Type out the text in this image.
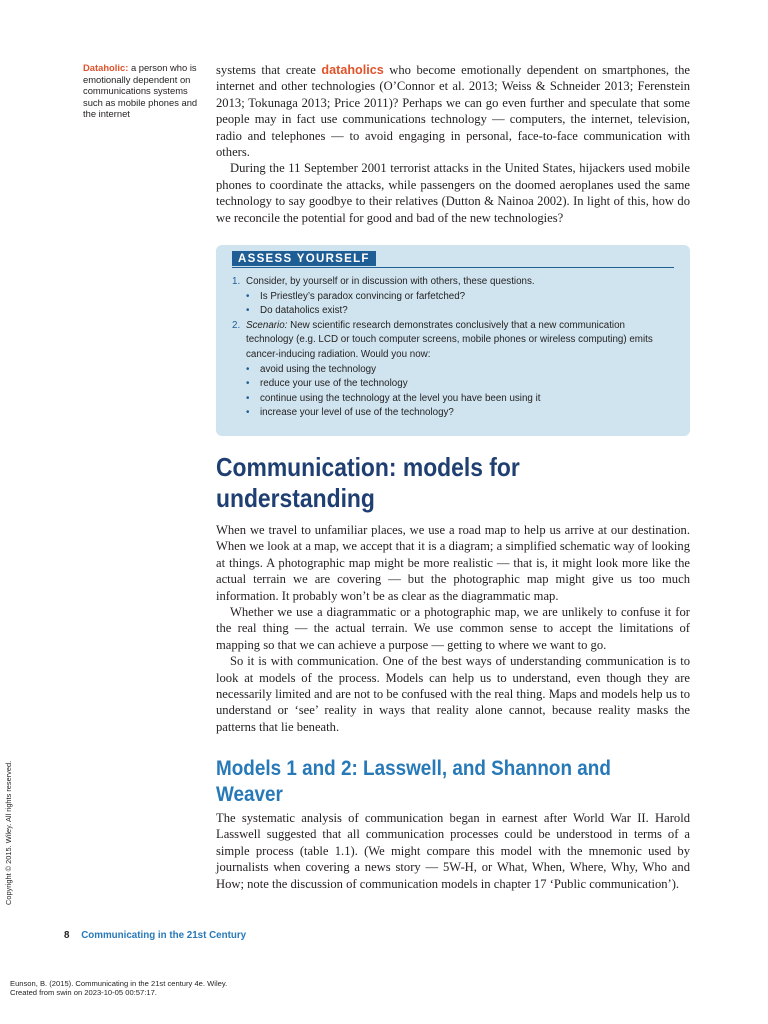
Dataholic: a person who is emotionally dependent on communications systems such as mobile phones and the internet

systems that create dataholics who become emotionally dependent on smartphones, the internet and other technologies (O’Connor et al. 2013; Weiss & Schneider 2013; Ferenstein 2013; Tokunaga 2013; Price 2011)? Perhaps we can go even further and speculate that some people may in fact use communications technology — computers, the internet, television, radio and telephones — to avoid engaging in personal, face-to-face communication with others.

During the 11 September 2001 terrorist attacks in the United States, hijackers used mobile phones to coordinate the attacks, while passengers on the doomed aeroplanes used the same technology to say goodbye to their relatives (Dutton & Nainoa 2002). In light of this, how do we reconcile the potential for good and bad of the new technologies?

ASSESS YOURSELF
1. Consider, by yourself or in discussion with others, these questions.
• Is Priestley’s paradox convincing or farfetched?
• Do dataholics exist?
2. Scenario: New scientific research demonstrates conclusively that a new communication technology (e.g. LCD or touch computer screens, mobile phones or wireless computing) emits cancer-inducing radiation. Would you now:
• avoid using the technology
• reduce your use of the technology
• continue using the technology at the level you have been using it
• increase your level of use of the technology?
Communication: models for understanding

When we travel to unfamiliar places, we use a road map to help us arrive at our destination. When we look at a map, we accept that it is a diagram; a simplified schematic way of looking at things. A photographic map might be more realistic — that is, it might look more like the actual terrain we are covering — but the photographic map might give us too much information. It probably won’t be as clear as the diagrammatic map.

Whether we use a diagrammatic or a photographic map, we are unlikely to confuse it for the real thing — the actual terrain. We use common sense to accept the limitations of mapping so that we can achieve a purpose — getting to where we want to go.

So it is with communication. One of the best ways of understanding communication is to look at models of the process. Models can help us to understand, even though they are necessarily limited and are not to be confused with the real thing. Maps and models help us to understand or ‘see’ reality in ways that reality alone cannot, because reality masks the patterns that lie beneath.

Models 1 and 2: Lasswell, and Shannon and Weaver

The systematic analysis of communication began in earnest after World War II. Harold Lasswell suggested that all communication processes could be understood in terms of a simple process (table 1.1). (We might compare this model with the mnemonic used by journalists when covering a news story — 5W-H, or What, When, Where, Why, Who and How; note the discussion of communication models in chapter 17 ‘Public communication’).

Copyright © 2015. Wiley. All rights reserved.
8 Communicating in the 21st Century
Eunson, B. (2015). Communicating in the 21st century 4e. Wiley.
Created from swin on 2023-10-05 00:57:17.
